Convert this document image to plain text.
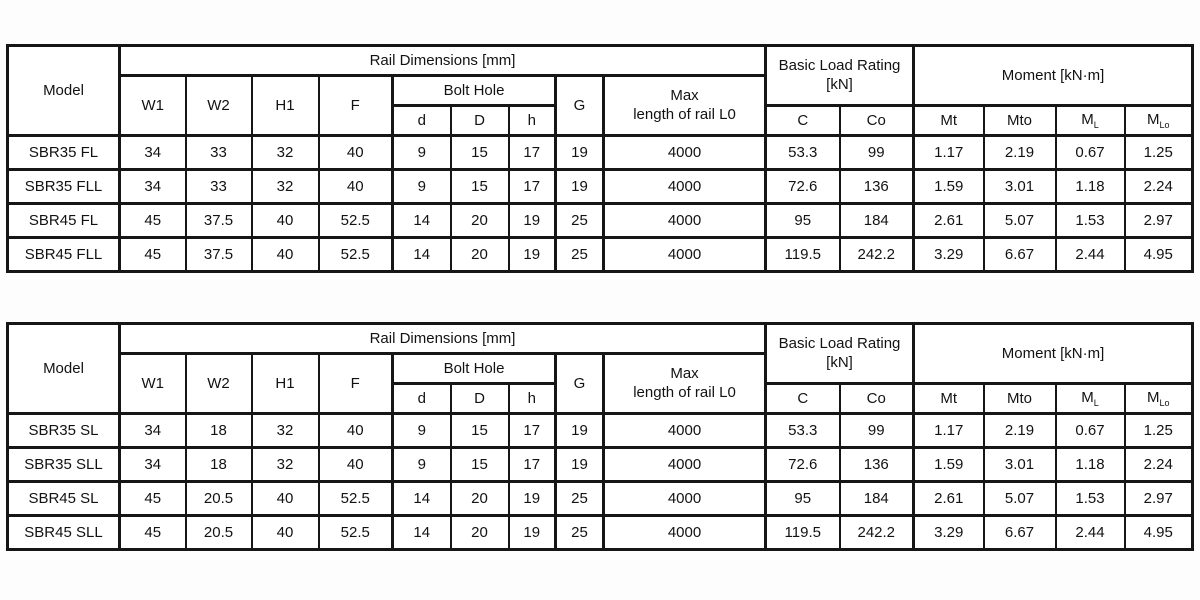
Model	Rail Dimensions [mm]									Basic Load Rating
[kN]		Moment [kN·m]			
	W1	W2	H1	F	Bolt Hole			G	Max
length of rail L0						

					d	D	h			C	Co	Mt	Mto	$M_L$	$M_{Lo}$
SBR35 FL	34	33	32	40	9	15	17	19	4000	53.3	99	1.17	2.19	0.67	1.25
SBR35 FLL	34	33	32	40	9	15	17	19	4000	72.6	136	1.59	3.01	1.18	2.24
SBR45 FL	45	37.5	40	52.5	14	20	19	25	4000	95	184	2.61	5.07	1.53	2.97
SBR45 FLL	45	37.5	40	52.5	14	20	19	25	4000	119.5	242.2	3.29	6.67	2.44	4.95
Model	Rail Dimensions [mm]									Basic Load Rating
[kN]		Moment [kN·m]			
	W1	W2	H1	F	Bolt Hole			G	Max
length of rail L0						

					d	D	h			C	Co	Mt	Mto	$M_L$	$M_{Lo}$
SBR35 SL	34	18	32	40	9	15	17	19	4000	53.3	99	1.17	2.19	0.67	1.25
SBR35 SLL	34	18	32	40	9	15	17	19	4000	72.6	136	1.59	3.01	1.18	2.24
SBR45 SL	45	20.5	40	52.5	14	20	19	25	4000	95	184	2.61	5.07	1.53	2.97
SBR45 SLL	45	20.5	40	52.5	14	20	19	25	4000	119.5	242.2	3.29	6.67	2.44	4.95
